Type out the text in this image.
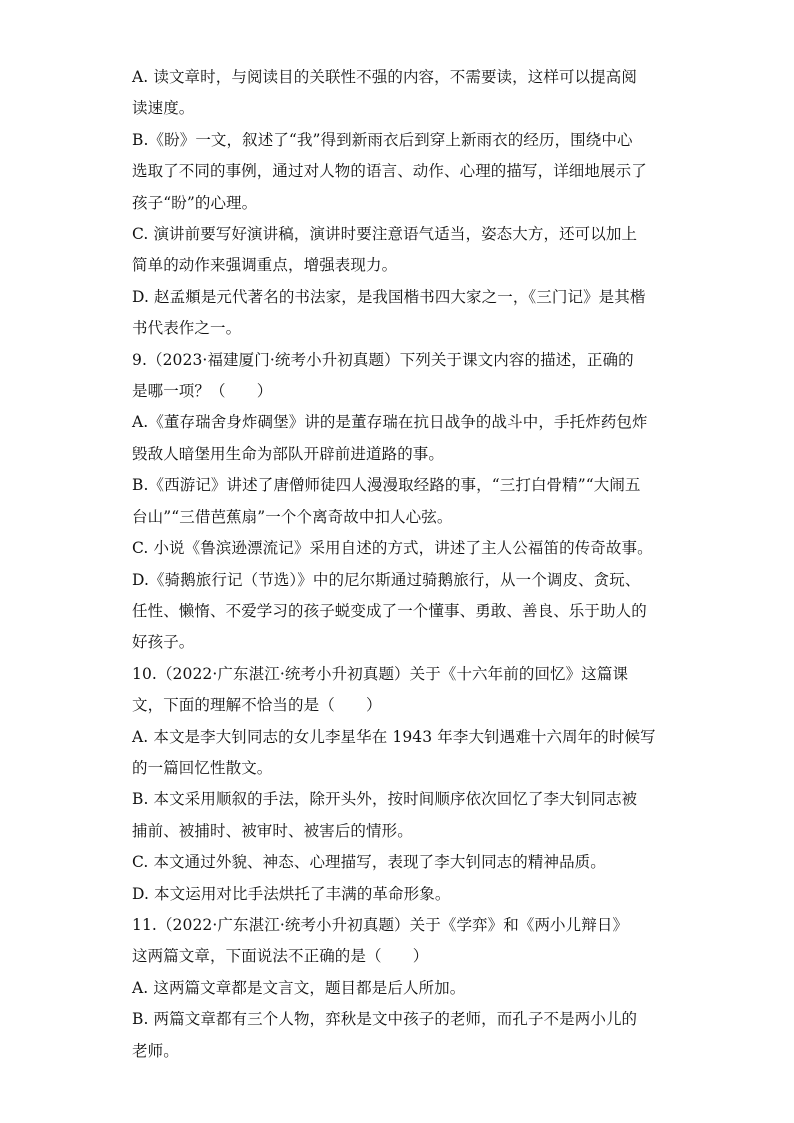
A. 读文章时，与阅读目的关联性不强的内容，不需要读，这样可以提高阅
读速度。
B.《盼》一文，叙述了“我”得到新雨衣后到穿上新雨衣的经历，围绕中心
选取了不同的事例，通过对人物的语言、动作、心理的描写，详细地展示了
孩子“盼”的心理。
C. 演讲前要写好演讲稿，演讲时要注意语气适当，姿态大方，还可以加上
简单的动作来强调重点，增强表现力。
D. 赵孟頫是元代著名的书法家，是我国楷书四大家之一，《三门记》是其楷
书代表作之一。
9.（2023·福建厦门·统考小升初真题）下列关于课文内容的描述，正确的
是哪一项？（　　）
A.《董存瑞舍身炸碉堡》讲的是董存瑞在抗日战争的战斗中，手托炸药包炸
毁敌人暗堡用生命为部队开辟前进道路的事。
B.《西游记》讲述了唐僧师徒四人漫漫取经路的事，“三打白骨精”“大闹五
台山”“三借芭蕉扇”一个个离奇故中扣人心弦。
C. 小说《鲁滨逊漂流记》采用自述的方式，讲述了主人公福笛的传奇故事。
D.《骑鹅旅行记（节选）》中的尼尔斯通过骑鹅旅行，从一个调皮、贪玩、
任性、懒惰、不爱学习的孩子蜕变成了一个懂事、勇敢、善良、乐于助人的
好孩子。
10.（2022·广东湛江·统考小升初真题）关于《十六年前的回忆》这篇课
文，下面的理解不恰当的是（　　）
A. 本文是李大钊同志的女儿李星华在 1943 年李大钊遇难十六周年的时候写
的一篇回忆性散文。
B. 本文采用顺叙的手法，除开头外，按时间顺序依次回忆了李大钊同志被
捕前、被捕时、被审时、被害后的情形。
C. 本文通过外貌、神态、心理描写，表现了李大钊同志的精神品质。
D. 本文运用对比手法烘托了丰满的革命形象。
11.（2022·广东湛江·统考小升初真题）关于《学弈》和《两小儿辩日》
这两篇文章，下面说法不正确的是（　　）
A. 这两篇文章都是文言文，题目都是后人所加。
B. 两篇文章都有三个人物，弈秋是文中孩子的老师，而孔子不是两小儿的
老师。
